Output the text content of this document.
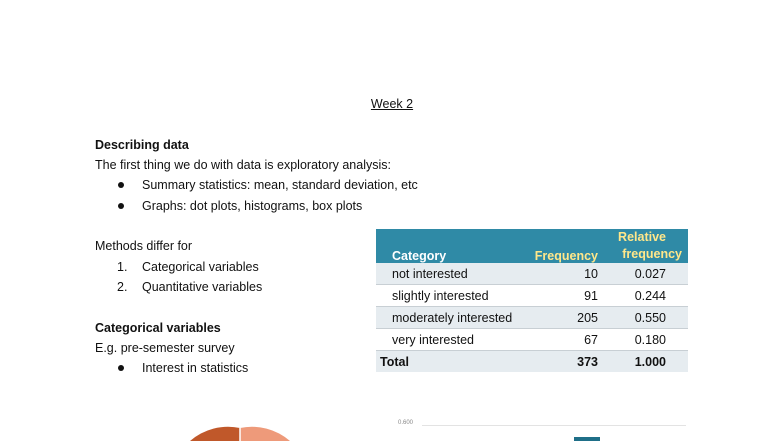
Week 2
Describing data
The first thing we do with data is exploratory analysis:
Summary statistics: mean, standard deviation, etc
Graphs: dot plots, histograms, box plots
Methods differ for
1. Categorical variables
2. Quantitative variables
Categorical variables
E.g. pre-semester survey
Interest in statistics
Category	Frequency	Relative
		frequency
not interested	10	0.027
slightly interested	91	0.244
moderately interested	205	0.550
very interested	67	0.180
Total	373	1.000
0.600
